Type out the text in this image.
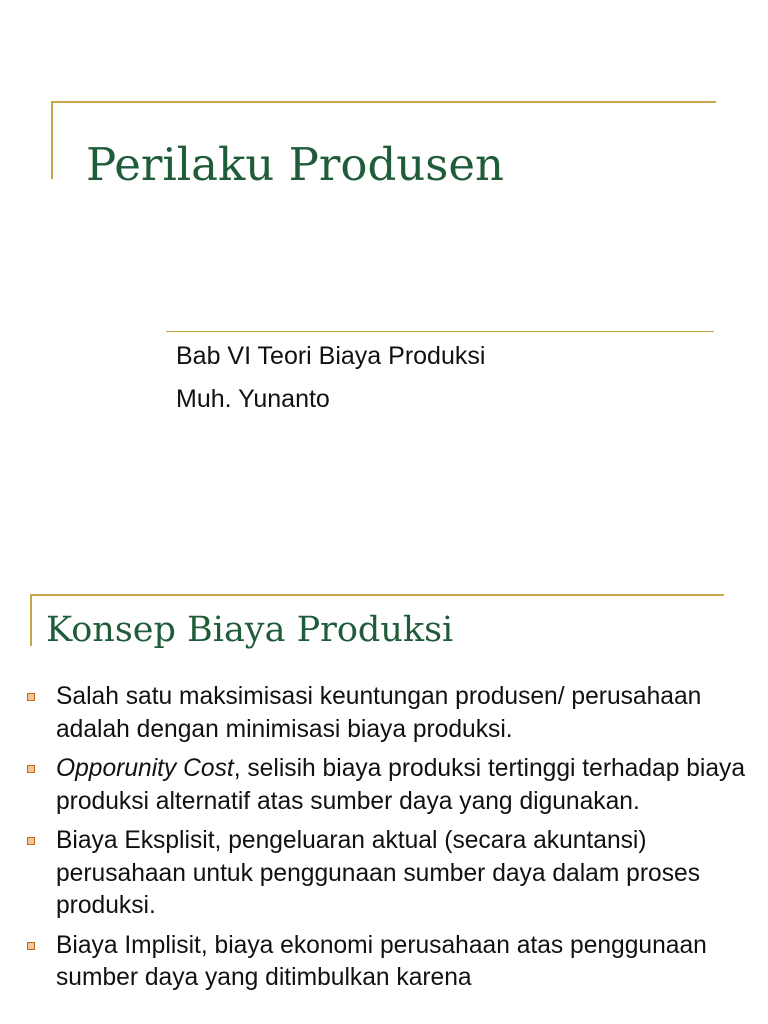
Perilaku Produsen
Bab VI Teori Biaya Produksi
Muh. Yunanto
Konsep Biaya Produksi
Salah satu maksimisasi keuntungan produsen/ perusahaan adalah dengan minimisasi biaya produksi.
Opporunity Cost, selisih biaya produksi tertinggi terhadap biaya produksi alternatif atas sumber daya yang digunakan.
Biaya Eksplisit, pengeluaran aktual (secara akuntansi) perusahaan untuk penggunaan sumber daya dalam proses produksi.
Biaya Implisit, biaya ekonomi perusahaan atas penggunaan sumber daya yang ditimbulkan karena
